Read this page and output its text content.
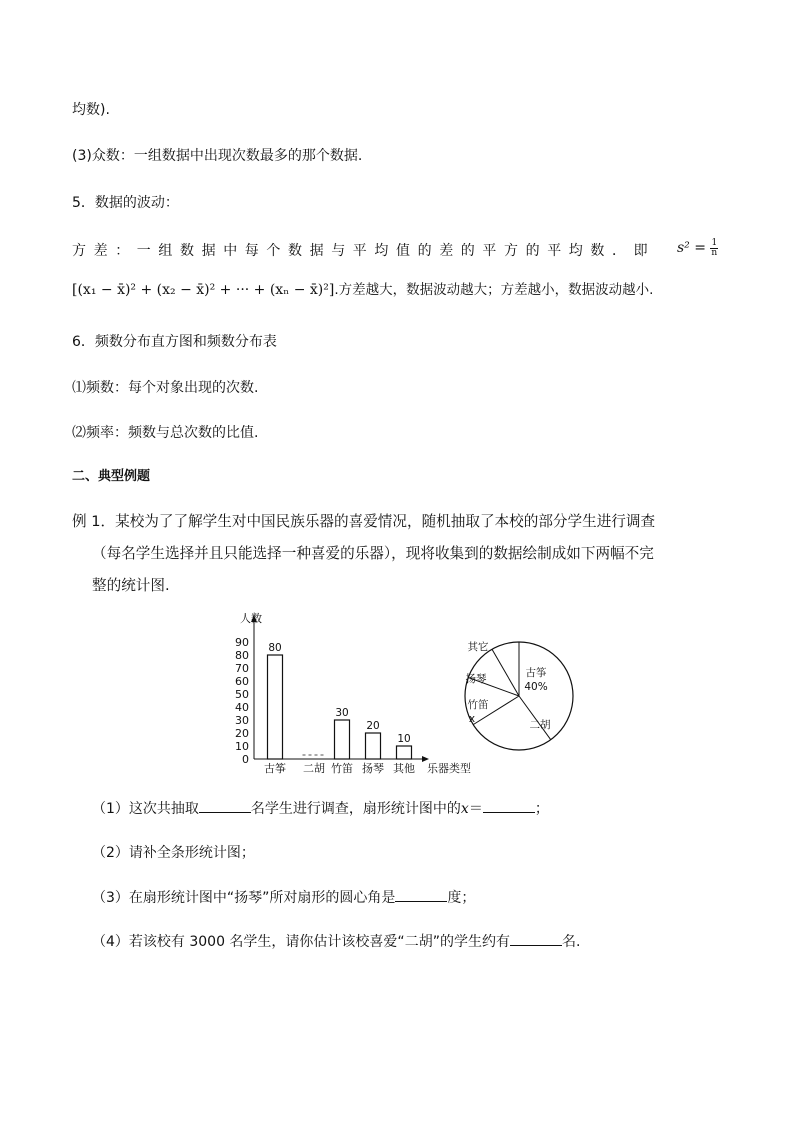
均数).
(3)众数：一组数据中出现次数最多的那个数据.
5．数据的波动：
方差：一组数据中每个数据与平均值的差的平方的平均数．即 $s^2 = \frac{1}{n}$
[(x₁ − x̄)² + (x₂ − x̄)² + ··· + (xₙ − x̄)²].方差越大，数据波动越大；方差越小，数据波动越小.
6．频数分布直方图和频数分布表
⑴频数：每个对象出现的次数.
⑵频率：频数与总次数的比值.
二、典型例题
例 1．某校为了了解学生对中国民族乐器的喜爱情况，随机抽取了本校的部分学生进行调查
（每名学生选择并且只能选择一种喜爱的乐器），现将收集到的数据绘制成如下两幅不完
整的统计图.
人数
乐器类型
0
10
20
30
40
50
60
70
80
90 80
古筝 二胡
30
竹笛
20
扬琴
10
其他
古筝
40%
二胡
竹笛
x
扬琴
其它
（1）这次共抽取	名学生进行调查，扇形统计图中的x＝	；
（2）请补全条形统计图；
（3）在扇形统计图中“扬琴”所对扇形的圆心角是	度；
（4）若该校有 3000 名学生，请你估计该校喜爱“二胡”的学生约有	名.
